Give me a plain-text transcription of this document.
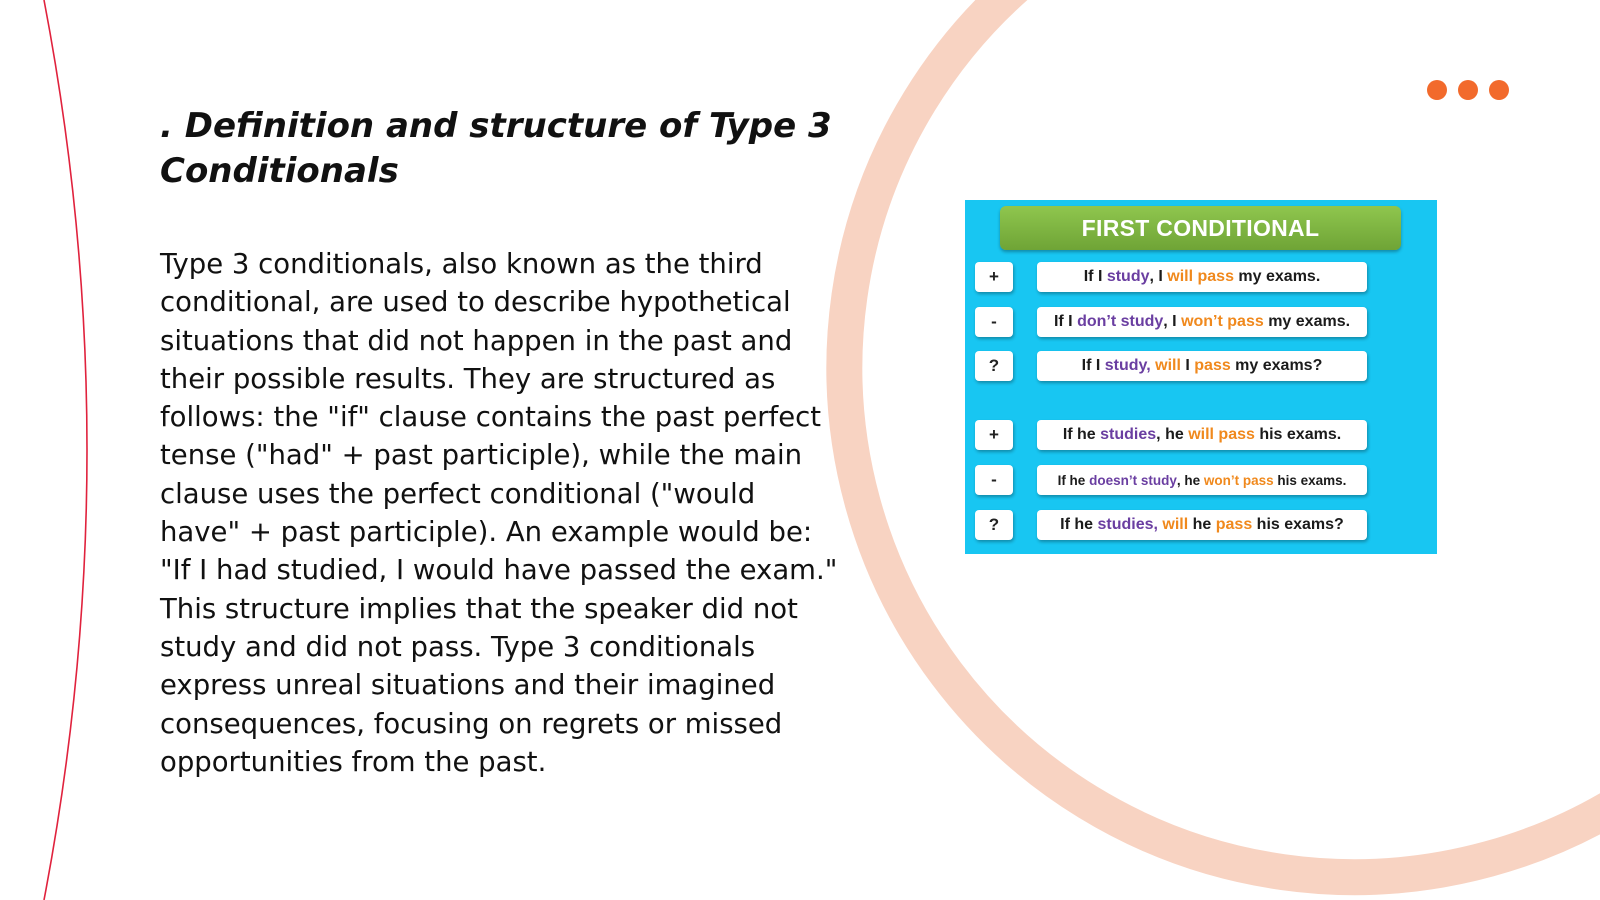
. Definition and structure of Type 3 Conditionals

Type 3 conditionals, also known as the third conditional, are used to describe hypothetical situations that did not happen in the past and their possible results. They are structured as follows: the "if" clause contains the past perfect tense ("had" + past participle), while the main clause uses the perfect conditional ("would have" + past participle). An example would be: "If I had studied, I would have passed the exam." This structure implies that the speaker did not study and did not pass. Type 3 conditionals express unreal situations and their imagined consequences, focusing on regrets or missed opportunities from the past.

FIRST CONDITIONAL
+	If I study , I will pass my exams.
-	If I don’t study , I won’t pass my exams.
?	If I study, will I pass my exams?
+	If he studies , he will pass his exams.
-	If he doesn’t study , he won’t pass his exams.
?	If he studies, will he pass his exams?
